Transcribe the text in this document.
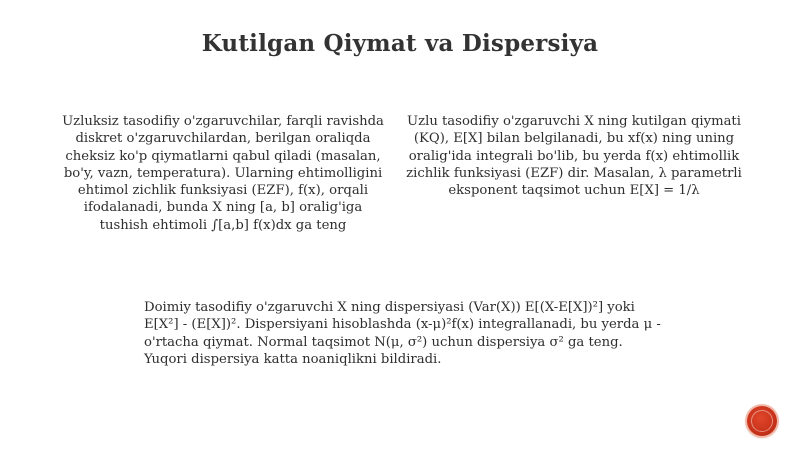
Kutilgan Qiymat va Dispersiya
Uzluksiz tasodifiy o'zgaruvchilar, farqli ravishda diskret o'zgaruvchilardan, berilgan oraliqda cheksiz ko'p qiymatlarni qabul qiladi (masalan, bo'y, vazn, temperatura). Ularning ehtimolligini ehtimol zichlik funksiyasi (EZF), f(x), orqali ifodalanadi, bunda X ning [a, b] oralig'iga tushish ehtimoli ∫[a,b] f(x)dx ga teng
Uzlu tasodifiy o'zgaruvchi X ning kutilgan qiymati (KQ), E[X] bilan belgilanadi, bu xf(x) ning uning oralig'ida integrali bo'lib, bu yerda f(x) ehtimollik zichlik funksiyasi (EZF) dir. Masalan, λ parametrli eksponent taqsimot uchun E[X] = 1/λ
Doimiy tasodifiy o'zgaruvchi X ning dispersiyasi (Var(X)) E[(X-E[X])²] yoki E[X²] - (E[X])². Dispersiyani hisoblashda (x-μ)²f(x) integrallanadi, bu yerda μ - o'rtacha qiymat. Normal taqsimot N(μ, σ²) uchun dispersiya σ² ga teng. Yuqori dispersiya katta noaniqlikni bildiradi.
